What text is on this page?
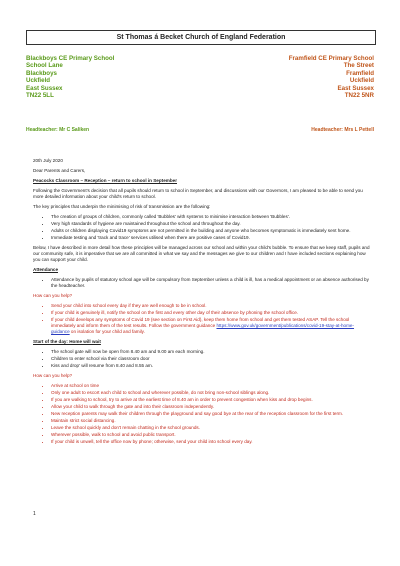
St Thomas á Becket Church of England Federation
Blackboys CE Primary School
School Lane
Blackboys
Uckfield
East Sussex
TN22 5LL
Framfield CE Primary School
The Street
Framfield
Uckfield
East Sussex
TN22 5NR
Headteacher: Mr C Saliken	Headteacher: Mrs L Pettell

20th July 2020

Dear Parents and Carers,

Peacocks Classroom – Reception – return to school in September

Following the Government's decision that all pupils should return to school in September, and discussions with our Governors, I am pleased to be able to send you more detailed information about your child's return to school.

The key principles that underpin the minimising of risk of transmission are the following:

• The creation of groups of children, commonly called 'Bubbles' with systems to minimise interaction between 'Bubbles'.
• Very high standards of hygiene are maintained throughout the school and throughout the day.
• Adults or children displaying Covid19 symptoms are not permitted in the building and anyone who becomes symptomatic is immediately sent home.
• Immediate testing and 'track and trace' services utilised when there are positive cases of Covid19.

Below, I have described in more detail how these principles will be managed across our school and within your child's bubble. To ensure that we keep staff, pupils and our community safe, it is imperative that we are all committed in what we say and the messages we give to our children and I have included sections explaining how you can support your child.

Attendance

• Attendance by pupils of statutory school age will be compulsory from September unless a child is ill, has a medical appointment or an absence authorised by the headteacher.

How can you help?

• Send your child into school every day if they are well enough to be in school.
• If your child is genuinely ill, notify the school on the first and every other day of their absence by phoning the school office.
• If your child develops any symptoms of Covid 19 (see section on First Aid), keep them home from school and get them tested ASAP. Tell the school immediately and inform them of the test results. Follow the government guidance https://www.gov.uk/government/publications/covid-19-stay-at-home-guidance on isolation for your child and family.

Start of the day: Home will wait

• The school gate will now be open from 8.40 am and 9.00 am each morning.
• Children to enter school via their classroom door
• Kiss and drop' will resume from 8.40 and 8.55 am.

How can you help?

• Arrive at school on time
• Only one adult to escort each child to school and wherever possible, do not bring non-school siblings along.
• If you are walking to school, try to arrive at the earliest time of 8.40 am in order to prevent congestion when kiss and drop begins.
• Allow your child to walk through the gate and into their classroom independently.
• New reception parents may walk their children through the playground and say good bye at the rear of the reception classroom for the first term.
• Maintain strict social distancing.
• Leave the school quickly and don't remain chatting in the school grounds.
• Wherever possible, walk to school and avoid public transport.
• If your child is unwell, tell the office now by phone; otherwise, send your child into school every day.
1
